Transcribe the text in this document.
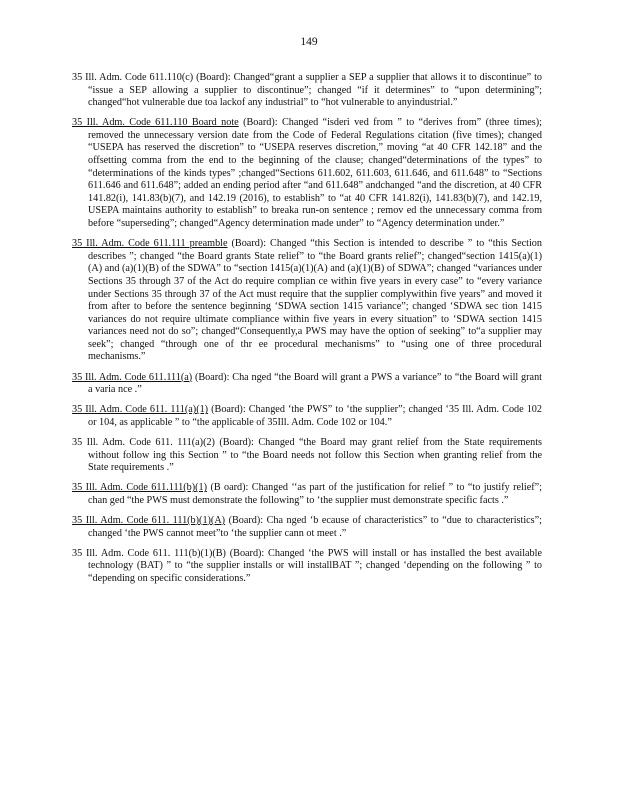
149

35 Ill. Adm. Code 611.110(c) (Board): Changed“grant a supplier a SEP a supplier that allows it to discontinue” to “issue a SEP allowing a supplier to discontinue”; changed “if it determines” to “upon determining”; changed“hot vulnerable due toa lackof any industrial” to “hot vulnerable to anyindustrial.”

35 Ill. Adm. Code 611.110 Board note (Board): Changed “isderi ved from ” to “derives from” (three times); removed the unnecessary version date from the Code of Federal Regulations citation (five times); changed “USEPA has reserved the discretion” to “USEPA reserves discretion,” moving “at 40 CFR 142.18” and the offsetting comma from the end to the beginning of the clause; changed“determinations of the types” to “determinations of the kinds types” ;changed“Sections 611.602, 611.603, 611.646, and 611.648” to “Sections 611.646 and 611.648”; added an ending period after “and 611.648” andchanged “and the discretion, at 40 CFR 141.82(i), 141.83(b)(7), and 142.19 (2016), to establish” to “at 40 CFR 141.82(i), 141.83(b)(7), and 142.19, USEPA maintains authority to establish” to breaka run-on sentence ; remov ed the unnecessary comma from before “superseding”; changed“Agency determination made under” to “Agency determination under.”

35 Ill. Adm. Code 611.111 preamble (Board): Changed “this Section is intended to describe ” to “this Section describes ”; changed “the Board grants State relief” to “the Board grants relief”; changed“section 1415(a)(1)(A) and (a)(1)(B) of the SDWA” to “section 1415(a)(1)(A) and (a)(1)(B) of SDWA”; changed “variances under Sections 35 through 37 of the Act do require complian ce within five years in every case” to “every variance under Sections 35 through 37 of the Act must require that the supplier complywithin five years” and moved it from after to before the sentence beginning ‘SDWA section 1415 variance”; changed ‘SDWA sec tion 1415 variances do not require ultimate compliance within five years in every situation” to ‘SDWA section 1415 variances need not do so”; changed“Consequently,a PWS may have the option of seeking” to“a supplier may seek”; changed “through one of thr ee procedural mechanisms” to “using one of three procedural mechanisms.”

35 Ill. Adm. Code 611.111(a) (Board): Cha nged “the Board will grant a PWS a variance” to “the Board will grant a varia nce .”

35 Ill. Adm. Code 611. 111(a)(1) (Board): Changed ‘the PWS” to ‘the supplier”; changed ‘35 Ill. Adm. Code 102 or 104, as applicable ” to “the applicable of 35Ill. Adm. Code 102 or 104.”

35 Ill. Adm. Code 611. 111(a)(2) (Board): Changed “the Board may grant relief from the State requirements without follow ing this Section ” to “the Board needs not follow this Section when granting relief from the State requirements .”

35 Ill. Adm. Code 611.111(b)(1) (B oard): Changed ‘‘as part of the justification for relief ” to “to justify relief”; chan ged “the PWS must demonstrate the following” to ‘the supplier must demonstrate specific facts .”

35 Ill. Adm. Code 611. 111(b)(1)(A) (Board): Cha nged ‘b ecause of characteristics” to “due to characteristics”; changed ‘the PWS cannot meet”to ‘the supplier cann ot meet .”

35 Ill. Adm. Code 611. 111(b)(1)(B) (Board): Changed ‘the PWS will install or has installed the best available technology (BAT) ” to “the supplier installs or will installBAT ”; changed ‘depending on the following ” to “depending on specific considerations.”
